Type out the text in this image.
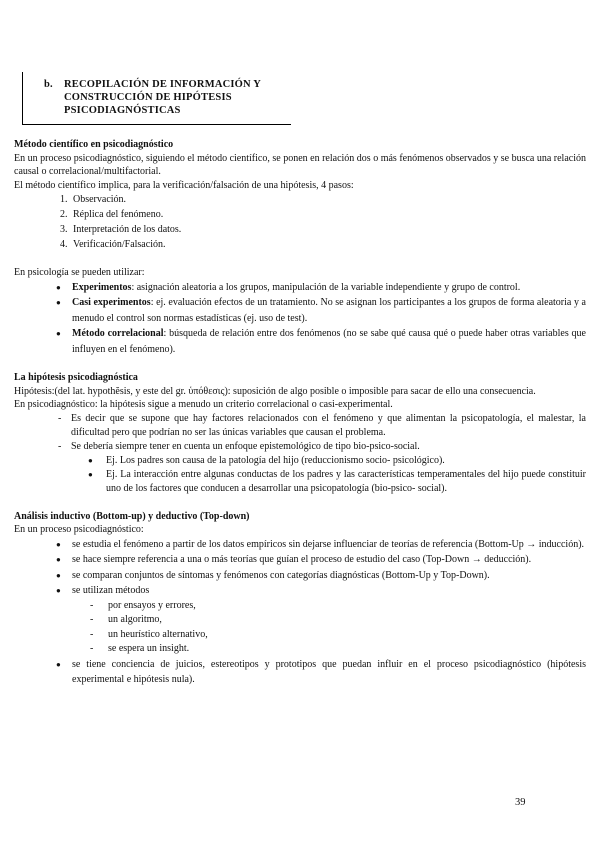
b. RECOPILACIÓN DE INFORMACIÓN Y CONSTRUCCIÓN DE HIPÓTESIS PSICODIAGNÓSTICAS

Método científico en psicodiagnóstico

En un proceso psicodiagnóstico, siguiendo el método científico, se ponen en relación dos o más fenómenos observados y se busca una relación causal o correlacional/multifactorial.

El método científico implica, para la verificación/falsación de una hipótesis, 4 pasos:

1. Observación.
2. Réplica del fenómeno.
3. Interpretación de los datos.
4. Verificación/Falsación.

En psicología se pueden utilizar:

● Experimentos: asignación aleatoria a los grupos, manipulación de la variable independiente y grupo de control.
● Casi experimentos: ej. evaluación efectos de un tratamiento. No se asignan los participantes a los grupos de forma aleatoria y a menudo el control son normas estadísticas (ej. uso de test).
● Método correlacional: búsqueda de relación entre dos fenómenos (no se sabe qué causa qué o puede haber otras variables que influyen en el fenómeno).

La hipótesis psicodiagnóstica

Hipótesis:(del lat. hypothĕsis, y este del gr. ὑπόθεσις): suposición de algo posible o imposible para sacar de ello una consecuencia.

En psicodiagnóstico: la hipótesis sigue a menudo un criterio correlacional o casi-experimental.

- Es decir que se supone que hay factores relacionados con el fenómeno y que alimentan la psicopatología, el malestar, la dificultad pero que podrían no ser las únicas variables que causan el problema.
- Se debería siempre tener en cuenta un enfoque epistemológico de tipo bio-psico-social.
● Ej. Los padres son causa de la patología del hijo (reduccionismo socio- psicológico).
● Ej. La interacción entre algunas conductas de los padres y las características temperamentales del hijo puede constituir uno de los factores que conducen a desarrollar una psicopatología (bio-psico- social).

Análisis inductivo (Bottom-up) y deductivo (Top-down)

En un proceso psicodiagnóstico:

● se estudia el fenómeno a partir de los datos empíricos sin dejarse influenciar de teorías de referencia (Bottom-Up → inducción).
● se hace siempre referencia a una o más teorías que guían el proceso de estudio del caso (Top-Down → deducción).
● se comparan conjuntos de síntomas y fenómenos con categorías diagnósticas (Bottom-Up y Top-Down).
● se utilizan métodos
- por ensayos y errores,
- un algoritmo,
- un heurístico alternativo,
- se espera un insight.
● se tiene conciencia de juicios, estereotipos y prototipos que puedan influir en el proceso psicodiagnóstico (hipótesis experimental e hipótesis nula).
39
